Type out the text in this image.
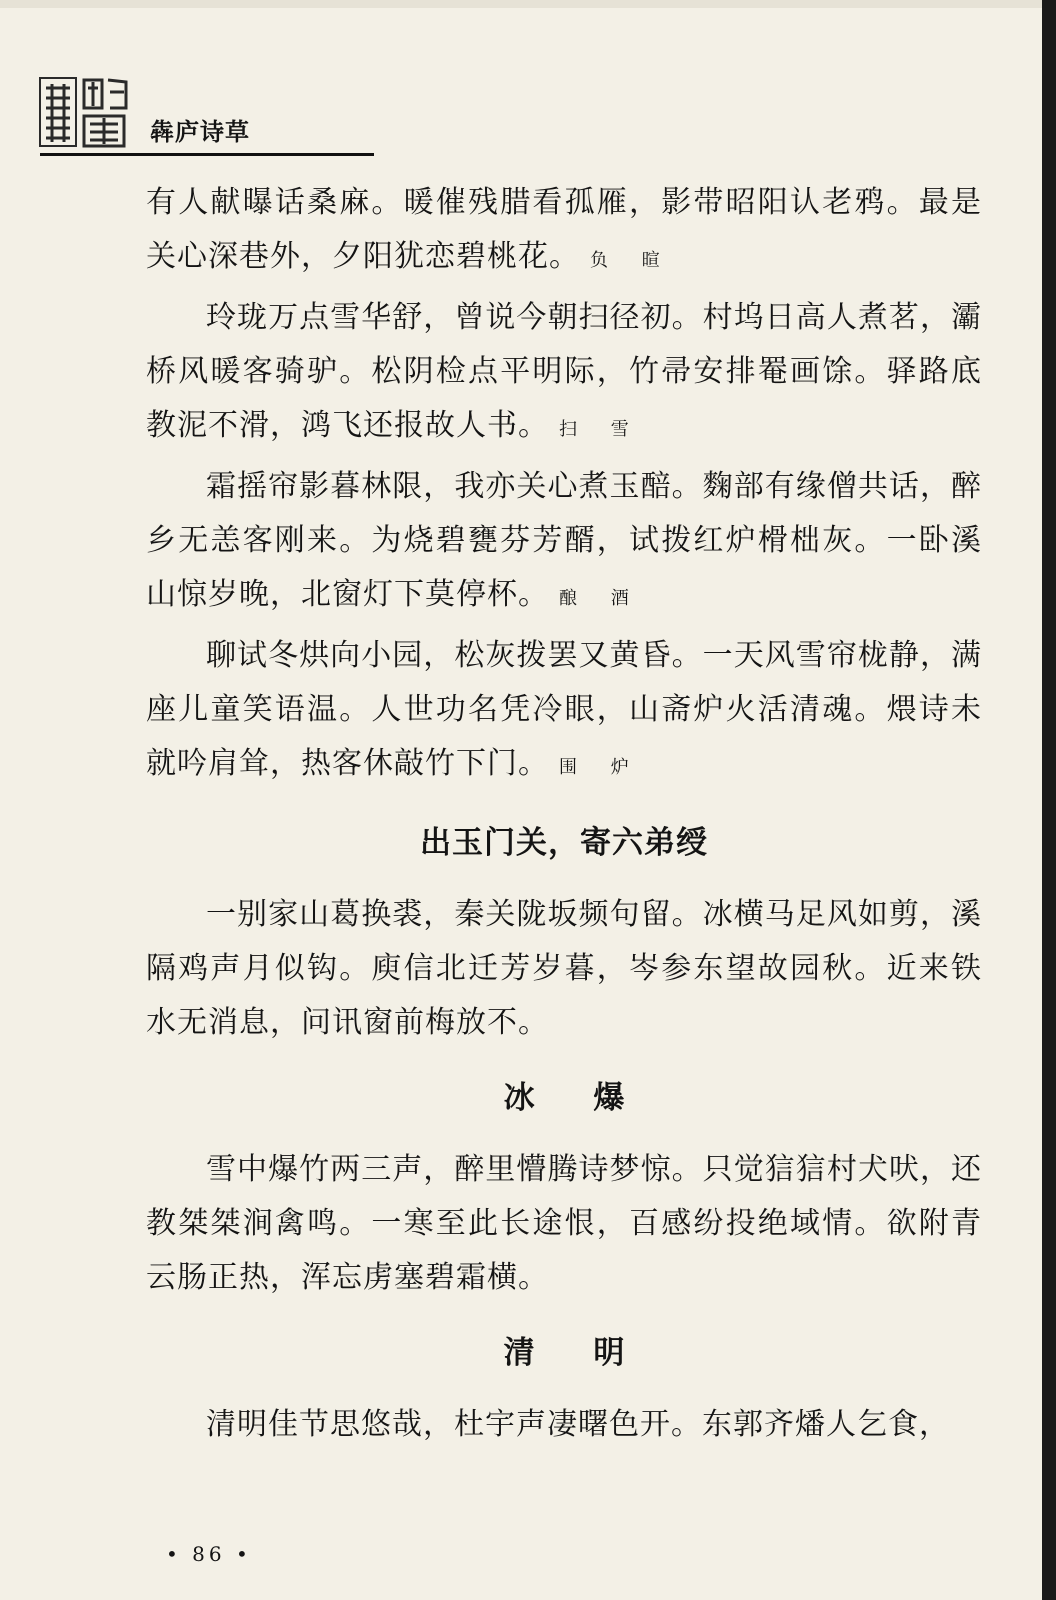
犇庐诗草

有人献曝话桑麻。暖催残腊看孤雁，影带昭阳认老鸦。最是关心深巷外，夕阳犹恋碧桃花。 负 暄

玲珑万点雪华舒，曾说今朝扫径初。村坞日高人煮茗，灞桥风暖客骑驴。松阴检点平明际，竹帚安排罨画馀。驿路底教泥不滑，鸿飞还报故人书。 扫 雪

霜摇帘影暮林限，我亦关心煮玉醅。麴部有缘僧共话，醉乡无恙客刚来。为烧碧甕芬芳醑，试拨红炉榾柮灰。一卧溪山惊岁晚，北窗灯下莫停杯。 酿 酒

聊试冬烘向小园，松灰拨罢又黄昏。一天风雪帘栊静，满座儿童笑语温。人世功名凭冷眼，山斋炉火活清魂。煨诗未就吟肩耸，热客休敲竹下门。 围 炉

出玉门关，寄六弟绶

一别家山葛换裘，秦关陇坂频句留。冰横马足风如剪，溪隔鸡声月似钩。庾信北迁芳岁暮，岑参东望故园秋。近来铁水无消息，问讯窗前梅放不。

冰 爆

雪中爆竹两三声，醉里懵腾诗梦惊。只觉狺狺村犬吠，还教桀桀涧禽鸣。一寒至此长途恨，百感纷投绝域情。欲附青云肠正热，浑忘虏塞碧霜横。

清 明

清明佳节思悠哉，杜宇声凄曙色开。东郭齐燔人乞食，

• 86 •
